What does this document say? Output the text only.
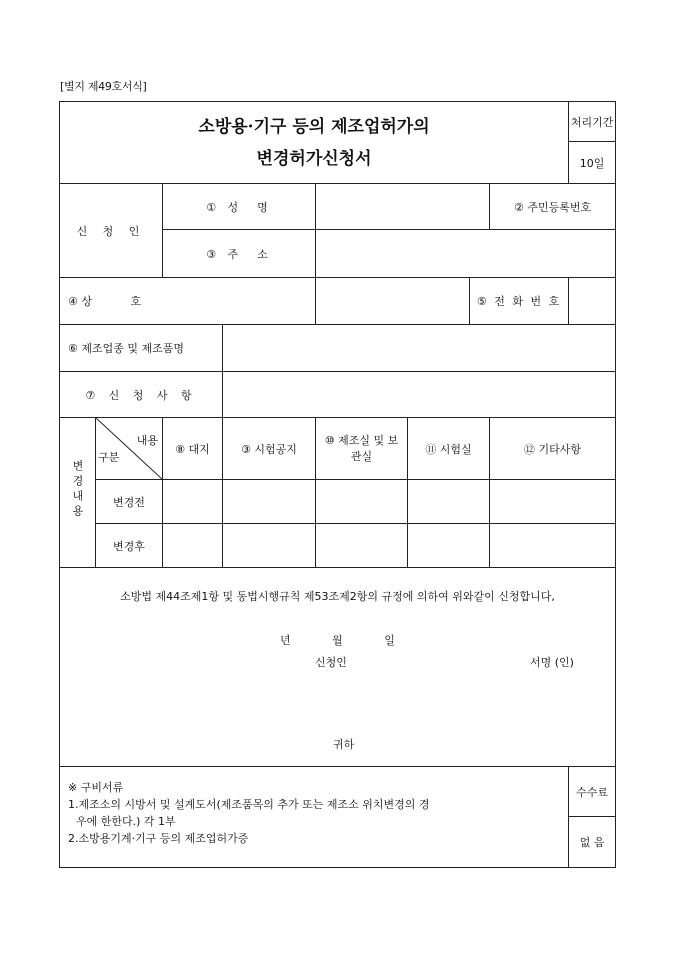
[별지 제49호서식]
소방용·기구 등의 제조업허가의
변경허가신청서								처리기간
								10일
신 청 인		① 성  명					② 주민등록번호	
		③ 주  소						
④ 상           호						⑤ 전 화 번 호		
⑥ 제조업종 및 제조품명								
⑦ 신 청 사 항								
변경내용	내용
구분	⑧ 대지	③ 시험공지	⑩ 제조실 및 보관실	⑪ 시험실		⑫ 기타사항	
	변경전							
	변경후							

소방법 제44조제1항 및 동법시행규칙 제53조제2항의 규정에 의하여 위와같이 신청합니다,
년 월 일
신청인 서명 (인)
귀하								

※ 구비서류
1.제조소의 시방서 및 설계도서(제조품목의 추가 또는 제조소 위치변경의 경
우에 한한다.) 각 1부
2.소방용기계·기구 등의 제조업허가증								수수료
								없 음
